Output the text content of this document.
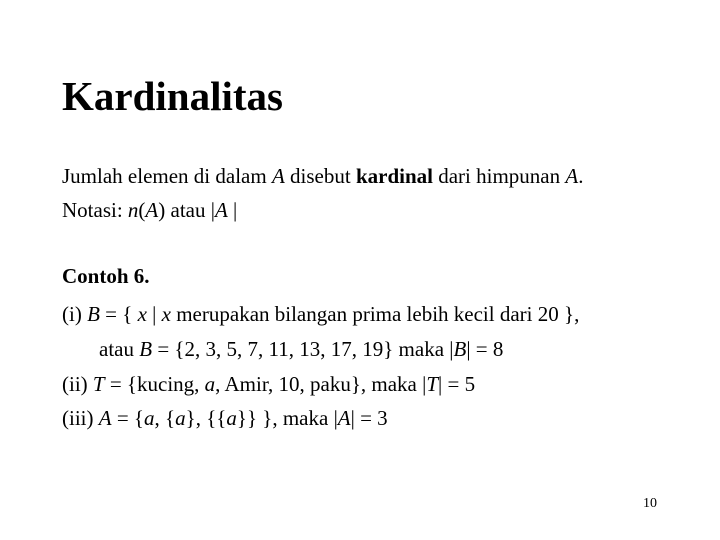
Kardinalitas
Jumlah elemen di dalam A disebut kardinal dari himpunan A.
Notasi: n(A) atau |A |
Contoh 6.
(i) B = { x | x merupakan bilangan prima lebih kecil dari 20 },
atau B = {2, 3, 5, 7, 11, 13, 17, 19} maka |B| = 8
(ii) T = {kucing, a, Amir, 10, paku}, maka |T| = 5
(iii) A = {a, {a}, {{a}} }, maka |A| = 3
10
